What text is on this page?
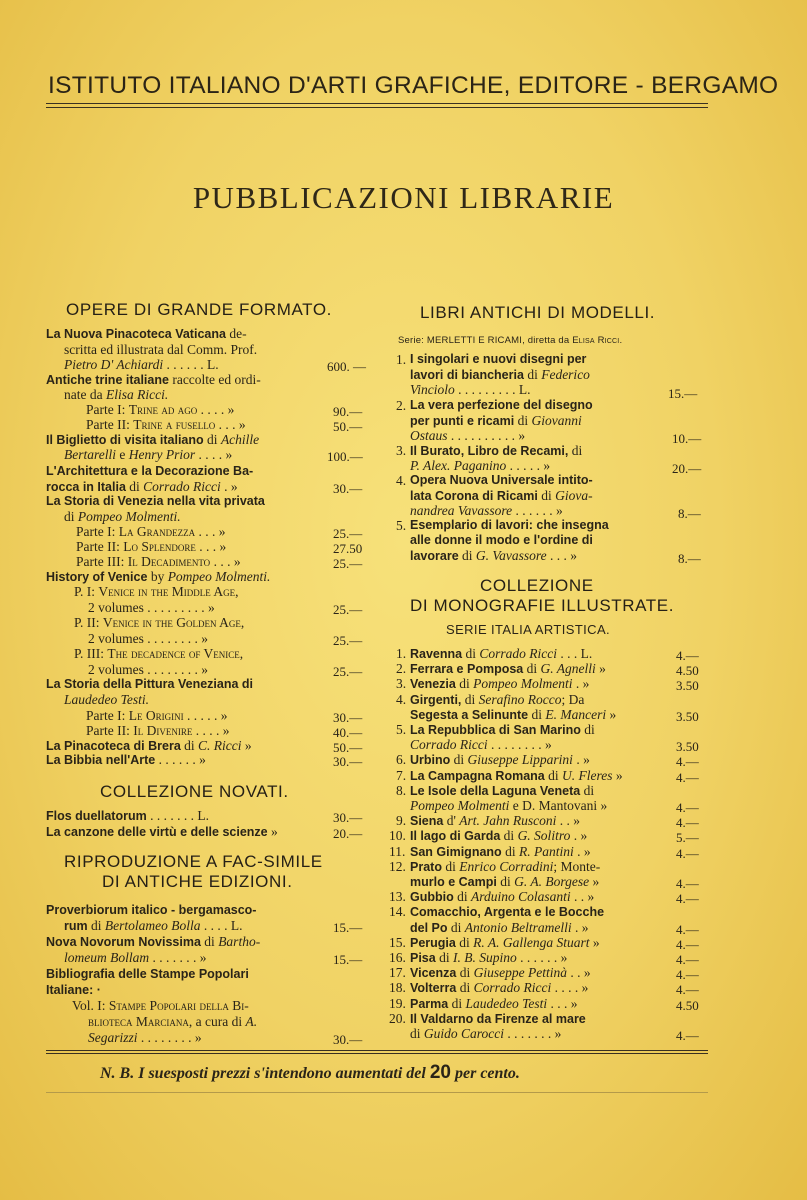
ISTITUTO ITALIANO D'ARTI GRAFICHE, EDITORE - BERGAMO
PUBBLICAZIONI LIBRARIE
OPERE DI GRANDE FORMATO.
La Nuova Pinacoteca Vaticana de-
scritta ed illustrata dal Comm. Prof.
Pietro D' Achiardi . . . . . . L.	600. —
Antiche trine italiane raccolte ed ordi-
nate da Elisa Ricci.
Parte I: Trine ad ago . . . . »	90.—
Parte II: Trine a fusello . . . »	50.—
Il Biglietto di visita italiano di Achille
Bertarelli e Henry Prior . . . . »	100.—
L'Architettura e la Decorazione Ba-
rocca in Italia di Corrado Ricci . »	30.—
La Storia di Venezia nella vita privata
di Pompeo Molmenti.
Parte I: La Grandezza . . . »	25.—
Parte II: Lo Splendore . . . »	27.50
Parte III: Il Decadimento . . . »	25.—
History of Venice by Pompeo Molmenti.
P. I: Venice in the Middle Age,
2 volumes . . . . . . . . . »	25.—
P. II: Venice in the Golden Age,
2 volumes . . . . . . . . »	25.—
P. III: The decadence of Venice,
2 volumes . . . . . . . . »	25.—
La Storia della Pittura Veneziana di
Laudedeo Testi.
Parte I: Le Origini . . . . . »	30.—
Parte II: Il Divenire . . . . »	40.—
La Pinacoteca di Brera di C. Ricci »	50.—
N. B. I suesposti prezzi s'intendono aumentati del 20 per cento.
LIBRI ANTICHI DI MODELLI.
Serie: MERLETTI E RICAMI, diretta da Elisa Ricci.
1. I singolari e nuovi disegni per
lavori di biancheria di Federico
Vinciolo . . . . . . . . . L.	15.—
2. La vera perfezione del disegno
per punti e ricami di Giovanni
Ostaus . . . . . . . . . . »	10.—
3. Il Burato, Libro de Recami, di
P. Alex. Paganino . . . . . »	20.—
4. Opera Nuova Universale intito-
lata Corona di Ricami di Giova-
nandrea Vavassore . . . . . . »	8.—
5. Esemplario di lavori: che insegna
alle donne il modo e l'ordine di
lavorare di G. Vavassore . . . »	8.—
COLLEZIONE
DI MONOGRAFIE ILLUSTRATE.
SERIE ITALIA ARTISTICA.
1. Ravenna di Corrado Ricci . . . L.	4.—
2. Ferrara e Pomposa di G. Agnelli »	4.50
3. Venezia di Pompeo Molmenti . »	3.50
4. Girgenti, di Serafino Rocco; Da
Segesta a Selinunte di E. Manceri »	3.50
5. La Repubblica di San Marino di
Corrado Ricci . . . . . . . . »	3.50
6. Urbino di Giuseppe Lipparini . »	4.—
7. La Campagna Romana di U. Fleres »	4.—
8. Le Isole della Laguna Veneta di
Pompeo Molmenti e D. Mantovani »	4.—
9. Siena d' Art. Jahn Rusconi . . »	4.—
10. Il lago di Garda di G. Solitro . »	5.—
11. San Gimignano di R. Pantini . »	4.—
12. Prato di Enrico Corradini; Monte-
murlo e Campi di G. A. Borgese »	4.—
13. Gubbio di Arduino Colasanti . . »	4.—
14. Comacchio, Argenta e le Bocche
del Po di Antonio Beltramelli . »	4.—
15. Perugia di R. A. Gallenga Stuart »	4.—
16. Pisa di I. B. Supino . . . . . . »	4.—
17. Vicenza di Giuseppe Pettinà . . »	4.—
18. Volterra di Corrado Ricci . . . . »	4.—
19. Parma di Laudedeo Testi . . . »	4.50
20. Il Valdarno da Firenze al mare
di Guido Carocci . . . . . . . »	4.—
COLLEZIONE NOVATI.
Flos duellatorum . . . . . . . L.	30.—
La canzone delle virtù e delle scienze »	20.—
RIPRODUZIONE A FAC-SIMILE
DI ANTICHE EDIZIONI.
Proverbiorum italico - bergamasco-
rum di Bertolameo Bolla . . . . L.	15.—
Nova Novorum Novissima di Bartho-
lomeum Bollam . . . . . . . »	15.—
Bibliografia delle Stampe Popolari
Italiane: ·
Vol. I: Stampe Popolari della Bi-
blioteca Marciana, a cura di A.
Segarizzi . . . . . . . . »	30.—
La Bibbia nell'Arte . . . . . . »	30.—
